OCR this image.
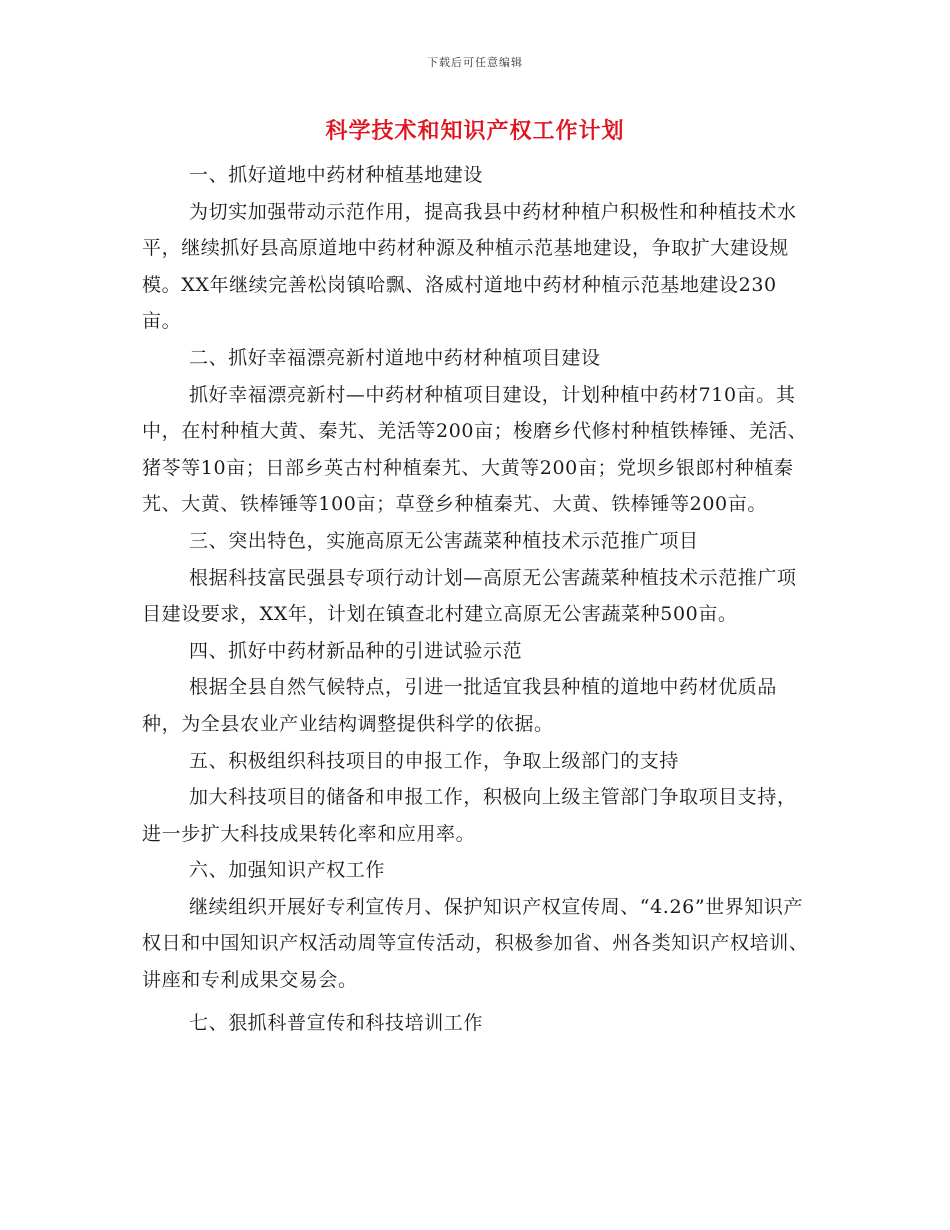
下载后可任意编辑
科学技术和知识产权工作计划

一、抓好道地中药材种植基地建设

为切实加强带动示范作用，提高我县中药材种植户积极性和种植技术水平，继续抓好县高原道地中药材种源及种植示范基地建设，争取扩大建设规模。XX年继续完善松岗镇哈飘、洛威村道地中药材种植示范基地建设230亩。

二、抓好幸福漂亮新村道地中药材种植项目建设

抓好幸福漂亮新村—中药材种植项目建设，计划种植中药材710亩。其中，在村种植大黄、秦艽、羌活等200亩；梭磨乡代修村种植铁棒锤、羌活、猪苓等10亩；日部乡英古村种植秦艽、大黄等200亩；党坝乡银郎村种植秦艽、大黄、铁棒锤等100亩；草登乡种植秦艽、大黄、铁棒锤等200亩。

三、突出特色，实施高原无公害蔬菜种植技术示范推广项目

根据科技富民强县专项行动计划—高原无公害蔬菜种植技术示范推广项目建设要求，XX年，计划在镇查北村建立高原无公害蔬菜种500亩。

四、抓好中药材新品种的引进试验示范

根据全县自然气候特点，引进一批适宜我县种植的道地中药材优质品种，为全县农业产业结构调整提供科学的依据。

五、积极组织科技项目的申报工作，争取上级部门的支持

加大科技项目的储备和申报工作，积极向上级主管部门争取项目支持，进一步扩大科技成果转化率和应用率。

六、加强知识产权工作

继续组织开展好专利宣传月、保护知识产权宣传周、“4.26”世界知识产权日和中国知识产权活动周等宣传活动，积极参加省、州各类知识产权培训、讲座和专利成果交易会。

七、狠抓科普宣传和科技培训工作
